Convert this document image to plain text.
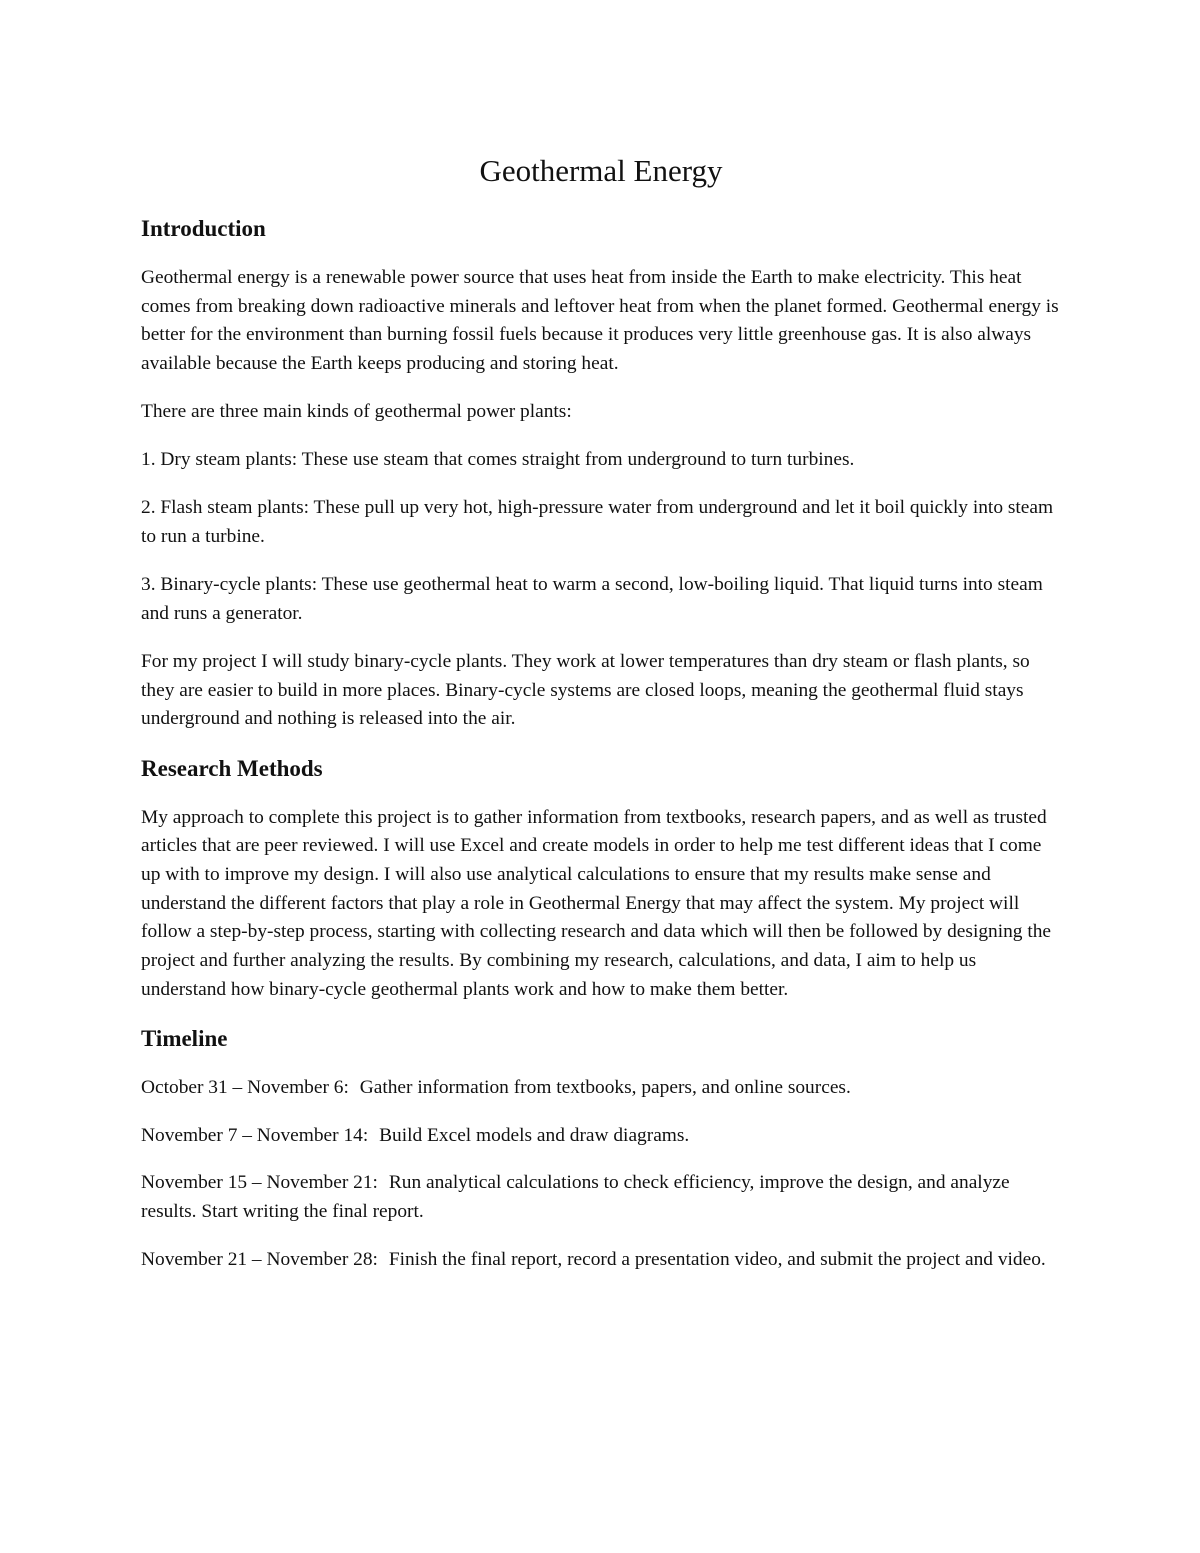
Geothermal Energy
Introduction

Geothermal energy is a renewable power source that uses heat from inside the Earth to make electricity. This heat comes from breaking down radioactive minerals and leftover heat from when the planet formed. Geothermal energy is better for the environment than burning fossil fuels because it produces very little greenhouse gas. It is also always available because the Earth keeps producing and storing heat.

There are three main kinds of geothermal power plants:

1. Dry steam plants: These use steam that comes straight from underground to turn turbines.

2. Flash steam plants: These pull up very hot, high-pressure water from underground and let it boil quickly into steam to run a turbine.

3. Binary-cycle plants: These use geothermal heat to warm a second, low-boiling liquid. That liquid turns into steam and runs a generator.

For my project I will study binary-cycle plants. They work at lower temperatures than dry steam or flash plants, so they are easier to build in more places. Binary-cycle systems are closed loops, meaning the geothermal fluid stays underground and nothing is released into the air.

Research Methods

My approach to complete this project is to gather information from textbooks, research papers, and as well as trusted articles that are peer reviewed. I will use Excel and create models in order to help me test different ideas that I come up with to improve my design. I will also use analytical calculations to ensure that my results make sense and understand the different factors that play a role in Geothermal Energy that may affect the system. My project will follow a step-by-step process, starting with collecting research and data which will then be followed by designing the project and further analyzing the results. By combining my research, calculations, and data, I aim to help us understand how binary-cycle geothermal plants work and how to make them better.

Timeline

October 31 – November 6: Gather information from textbooks, papers, and online sources.

November 7 – November 14: Build Excel models and draw diagrams.

November 15 – November 21: Run analytical calculations to check efficiency, improve the design, and analyze results. Start writing the final report.

November 21 – November 28: Finish the final report, record a presentation video, and submit the project and video.
